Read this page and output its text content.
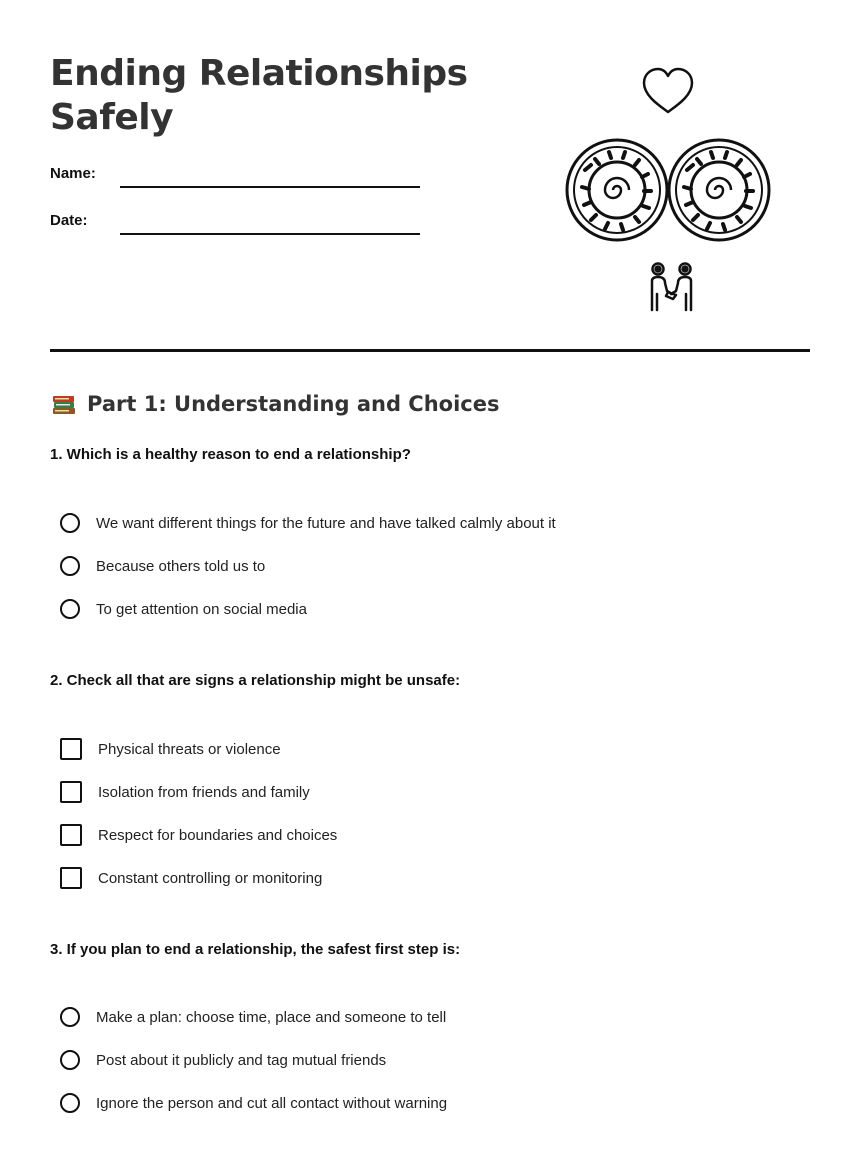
Ending Relationships Safely
Name:
Date:
Part 1: Understanding and Choices

1. Which is a healthy reason to end a relationship?

We want different things for the future and have talked calmly about it
Because others told us to
To get attention on social media

2. Check all that are signs a relationship might be unsafe:

Physical threats or violence
Isolation from friends and family
Respect for boundaries and choices
Constant controlling or monitoring

3. If you plan to end a relationship, the safest first step is:

Make a plan: choose time, place and someone to tell
Post about it publicly and tag mutual friends
Ignore the person and cut all contact without warning
